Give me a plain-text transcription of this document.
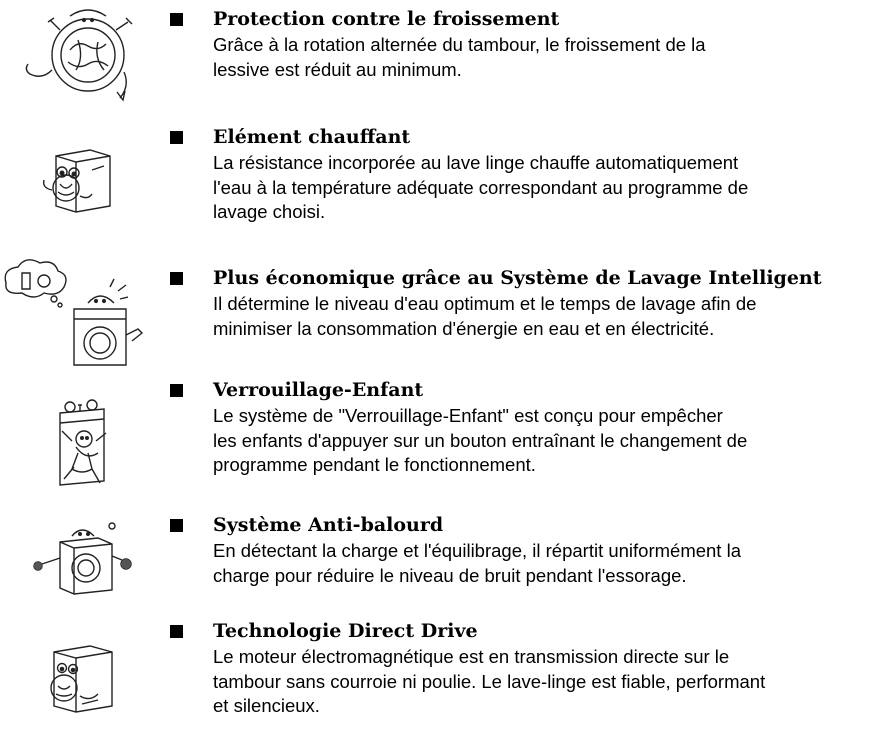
Protection contre le froissement
Grâce à la rotation alternée du tambour, le froissement de la
lessive est réduit au minimum.
Elément chauffant
La résistance incorporée au lave linge chauffe automatiquement
l'eau à la température adéquate correspondant au programme de
lavage choisi.
Plus économique grâce au Système de Lavage Intelligent
Il détermine le niveau d'eau optimum et le temps de lavage afin de
minimiser la consommation d'énergie en eau et en électricité.
Verrouillage-Enfant
Le système de "Verrouillage-Enfant" est conçu pour empêcher
les enfants d'appuyer sur un bouton entraînant le changement de
programme pendant le fonctionnement.
Système Anti-balourd
En détectant la charge et l'équilibrage, il répartit uniformément la
charge pour réduire le niveau de bruit pendant l'essorage.
Technologie Direct Drive
Le moteur électromagnétique est en transmission directe sur le
tambour sans courroie ni poulie. Le lave-linge est fiable, performant
et silencieux.
